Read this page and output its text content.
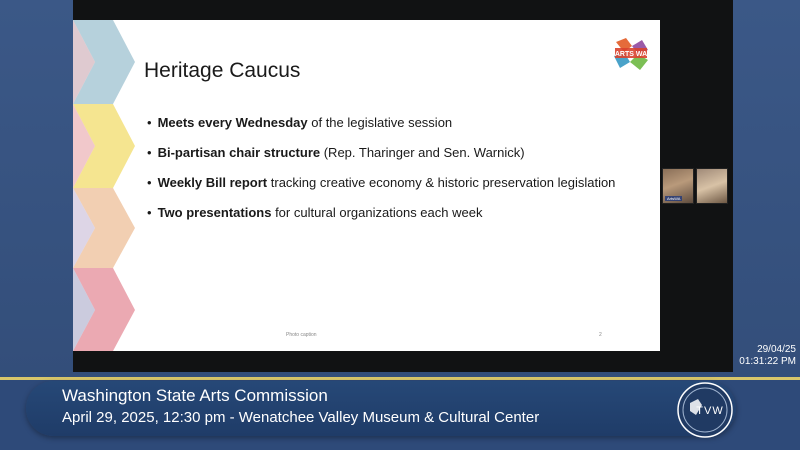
Heritage Caucus
• Meets every Wednesday of the legislative session
• Bi-partisan chair structure (Rep. Tharinger and Sen. Warnick)
• Weekly Bill report tracking creative economy & historic preservation legislation
• Two presentations for cultural organizations each week
ARTS WA
Photo caption	2
ArtsWA
29/04/25
01:31:22 PM
Washington State Arts Commission
April 29, 2025, 12:30 pm - Wenatchee Valley Museum & Cultural Center	TVW
